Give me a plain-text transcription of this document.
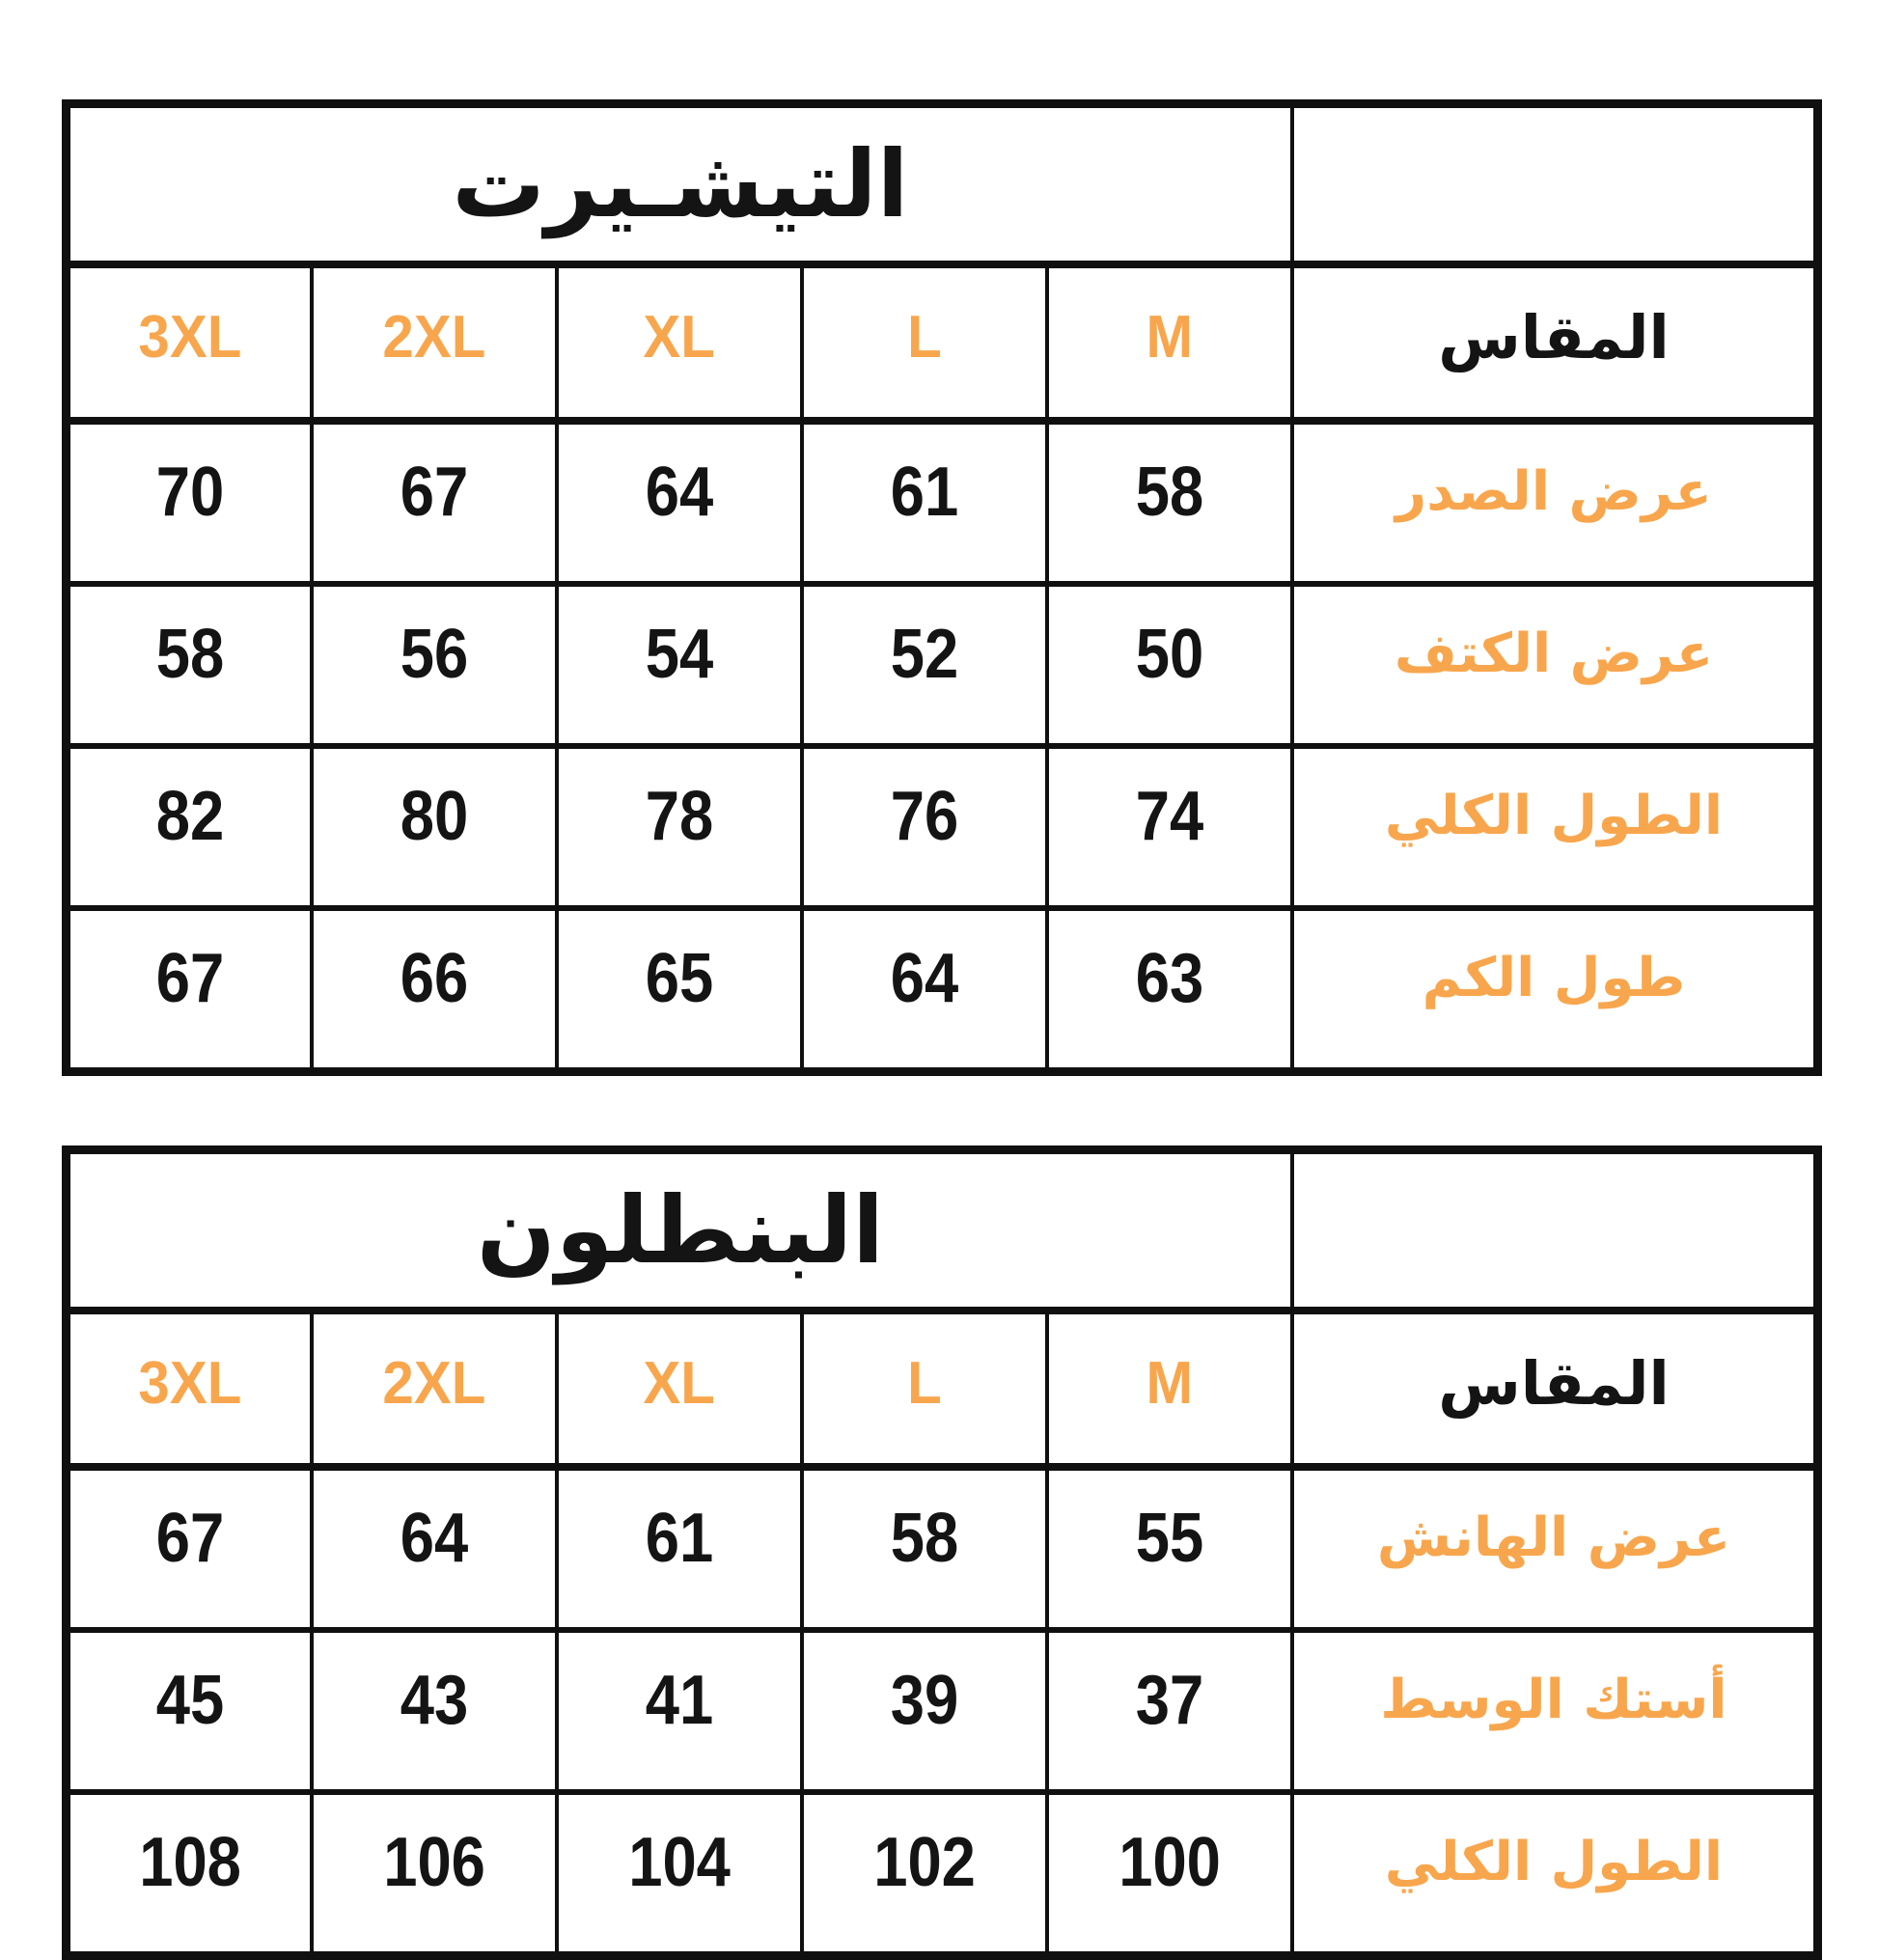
التيشـيرت					
3XL	2XL	XL	L	M	المقاس
70	67	64	61	58	عرض الصدر
58	56	54	52	50	عرض الكتف
82	80	78	76	74	الطول الكلي
67	66	65	64	63	طول الكم
البنطلون					
3XL	2XL	XL	L	M	المقاس
67	64	61	58	55	عرض الهانش
45	43	41	39	37	أستك الوسط
108	106	104	102	100	الطول الكلي
